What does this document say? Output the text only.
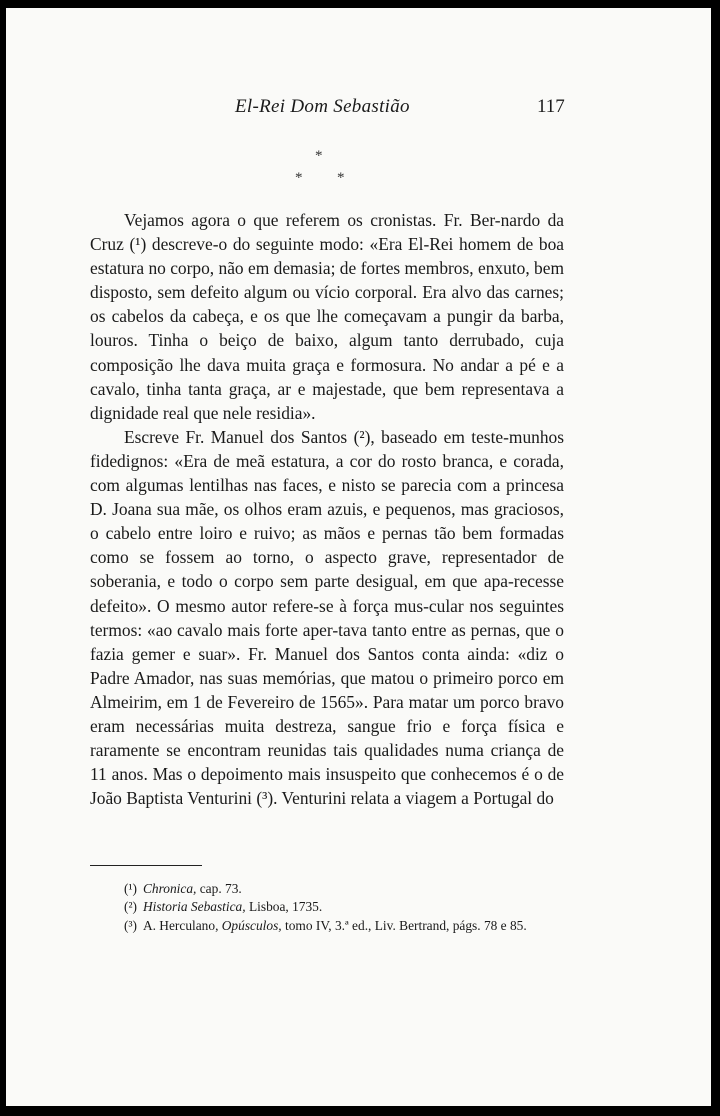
El-Rei Dom Sebastião	117
*
* *

Vejamos agora o que referem os cronistas. Fr. Ber-nardo da Cruz (¹) descreve-o do seguinte modo: «Era El-Rei homem de boa estatura no corpo, não em demasia; de fortes membros, enxuto, bem disposto, sem defeito algum ou vício corporal. Era alvo das carnes; os cabelos da cabeça, e os que lhe começavam a pungir da barba, louros. Tinha o beiço de baixo, algum tanto derrubado, cuja composição lhe dava muita graça e formosura. No andar a pé e a cavalo, tinha tanta graça, ar e majestade, que bem representava a dignidade real que nele residia».

Escreve Fr. Manuel dos Santos (²), baseado em teste-munhos fidedignos: «Era de meã estatura, a cor do rosto branca, e corada, com algumas lentilhas nas faces, e nisto se parecia com a princesa D. Joana sua mãe, os olhos eram azuis, e pequenos, mas graciosos, o cabelo entre loiro e ruivo; as mãos e pernas tão bem formadas como se fossem ao torno, o aspecto grave, representador de soberania, e todo o corpo sem parte desigual, em que apa-recesse defeito». O mesmo autor refere-se à força mus-cular nos seguintes termos: «ao cavalo mais forte aper-tava tanto entre as pernas, que o fazia gemer e suar». Fr. Manuel dos Santos conta ainda: «diz o Padre Amador, nas suas memórias, que matou o primeiro porco em Almeirim, em 1 de Fevereiro de 1565». Para matar um porco bravo eram necessárias muita destreza, sangue frio e força física e raramente se encontram reunidas tais qualidades numa criança de 11 anos. Mas o depoimento mais insuspeito que conhecemos é o de João Baptista Venturini (³). Venturini relata a viagem a Portugal do

(¹) Chronica, cap. 73.
(²) Historia Sebastica, Lisboa, 1735.
(³) A. Herculano, Opúsculos, tomo IV, 3.ª ed., Liv. Bertrand, págs. 78 e 85.
